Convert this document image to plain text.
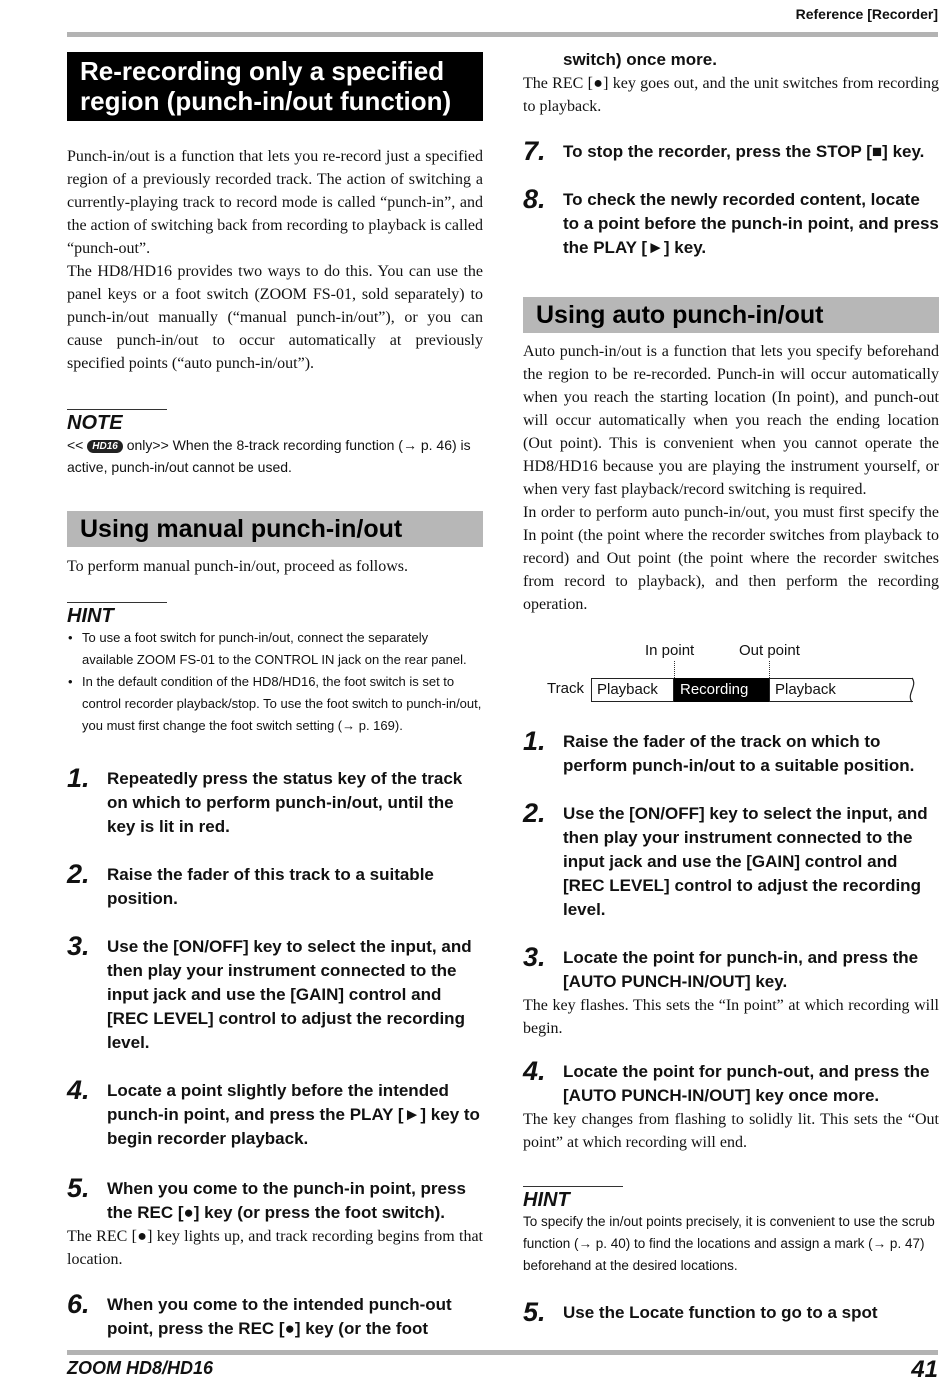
Reference [Recorder]
Re-recording only a specified region (punch-in/out function)

Punch-in/out is a function that lets you re-record just a specified region of a previously recorded track. The action of switching a currently-playing track to record mode is called “punch-in”, and the action of switching back from recording to playback is called “punch-out”.

The HD8/HD16 provides two ways to do this. You can use the panel keys or a foot switch (ZOOM FS-01, sold separately) to punch-in/out manually (“manual punch-in/out”), or you can cause punch-in/out to occur automatically at previously specified points (“auto punch-in/out”).

NOTE
<< HD16 only>> When the 8-track recording function (→ p. 46) is active, punch-in/out cannot be used.
Using manual punch-in/out

To perform manual punch-in/out, proceed as follows.

HINT
• To use a foot switch for punch-in/out, connect the separately available ZOOM FS-01 to the CONTROL IN jack on the rear panel.
• In the default condition of the HD8/HD16, the foot switch is set to control recorder playback/stop. To use the foot switch to punch-in/out, you must first change the foot switch setting (→ p. 169).
1. Repeatedly press the status key of the track on which to perform punch-in/out, until the key is lit in red.
2. Raise the fader of this track to a suitable position.
3. Use the [ON/OFF] key to select the input, and then play your instrument connected to the input jack and use the [GAIN] control and [REC LEVEL] control to adjust the recording level.
4. Locate a point slightly before the intended punch-in point, and press the PLAY [►] key to begin recorder playback.
5. When you come to the punch-in point, press the REC [●] key (or press the foot switch).

The REC [●] key lights up, and track recording begins from that location.

6. When you come to the intended punch-out point, press the REC [●] key (or the foot
switch) once more.

The REC [●] key goes out, and the unit switches from recording to playback.

7. To stop the recorder, press the STOP [■] key.
8. To check the newly recorded content, locate to a point before the punch-in point, and press the PLAY [►] key.
Using auto punch-in/out

Auto punch-in/out is a function that lets you specify beforehand the region to be re-recorded. Punch-in will occur automatically when you reach the starting location (In point), and punch-out will occur automatically when you reach the ending location (Out point). This is convenient when you cannot operate the HD8/HD16 because you are playing the instrument yourself, or when very fast playback/record switching is required.

In order to perform auto punch-in/out, you must first specify the In point (the point where the recorder switches from playback to record) and Out point (the point where the recorder switches from record to playback), and then perform the recording operation.

In point	Out point
Track Playback	Recording	Playback
1. Raise the fader of the track on which to perform punch-in/out to a suitable position.
2. Use the [ON/OFF] key to select the input, and then play your instrument connected to the input jack and use the [GAIN] control and [REC LEVEL] control to adjust the recording level.
3. Locate the point for punch-in, and press the [AUTO PUNCH-IN/OUT] key.

The key flashes. This sets the “In point” at which recording will begin.

4. Locate the point for punch-out, and press the [AUTO PUNCH-IN/OUT] key once more.

The key changes from flashing to solidly lit. This sets the “Out point” at which recording will end.

HINT

To specify the in/out points precisely, it is convenient to use the scrub function (→ p. 40) to find the locations and assign a mark (→ p. 47) beforehand at the desired locations.

5. Use the Locate function to go to a spot
ZOOM HD8/HD16	41
